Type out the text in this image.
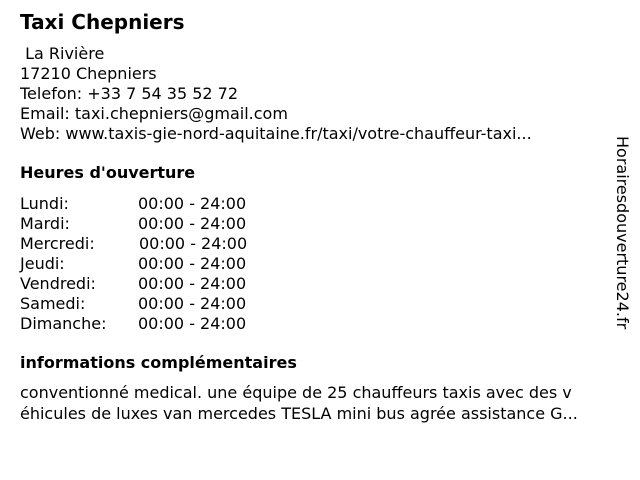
Taxi Chepniers
La Rivière
17210 Chepniers
Telefon: +33 7 54 35 52 72
Email: taxi.chepniers@gmail.com
Web: www.taxis-gie-nord-aquitaine.fr/taxi/votre-chauffeur-taxi...
Heures d'ouverture
Lundi:	00:00 - 24:00
Mardi:	00:00 - 24:00
Mercredi:	00:00 - 24:00
Jeudi:	00:00 - 24:00
Vendredi:	00:00 - 24:00
Samedi:	00:00 - 24:00
Dimanche: 00:00 - 24:00
informations complémentaires
conventionné medical. une équipe de 25 chauffeurs taxis avec des v
éhicules de luxes van mercedes TESLA mini bus agrée assistance G...
Horairesdouverture24.fr
